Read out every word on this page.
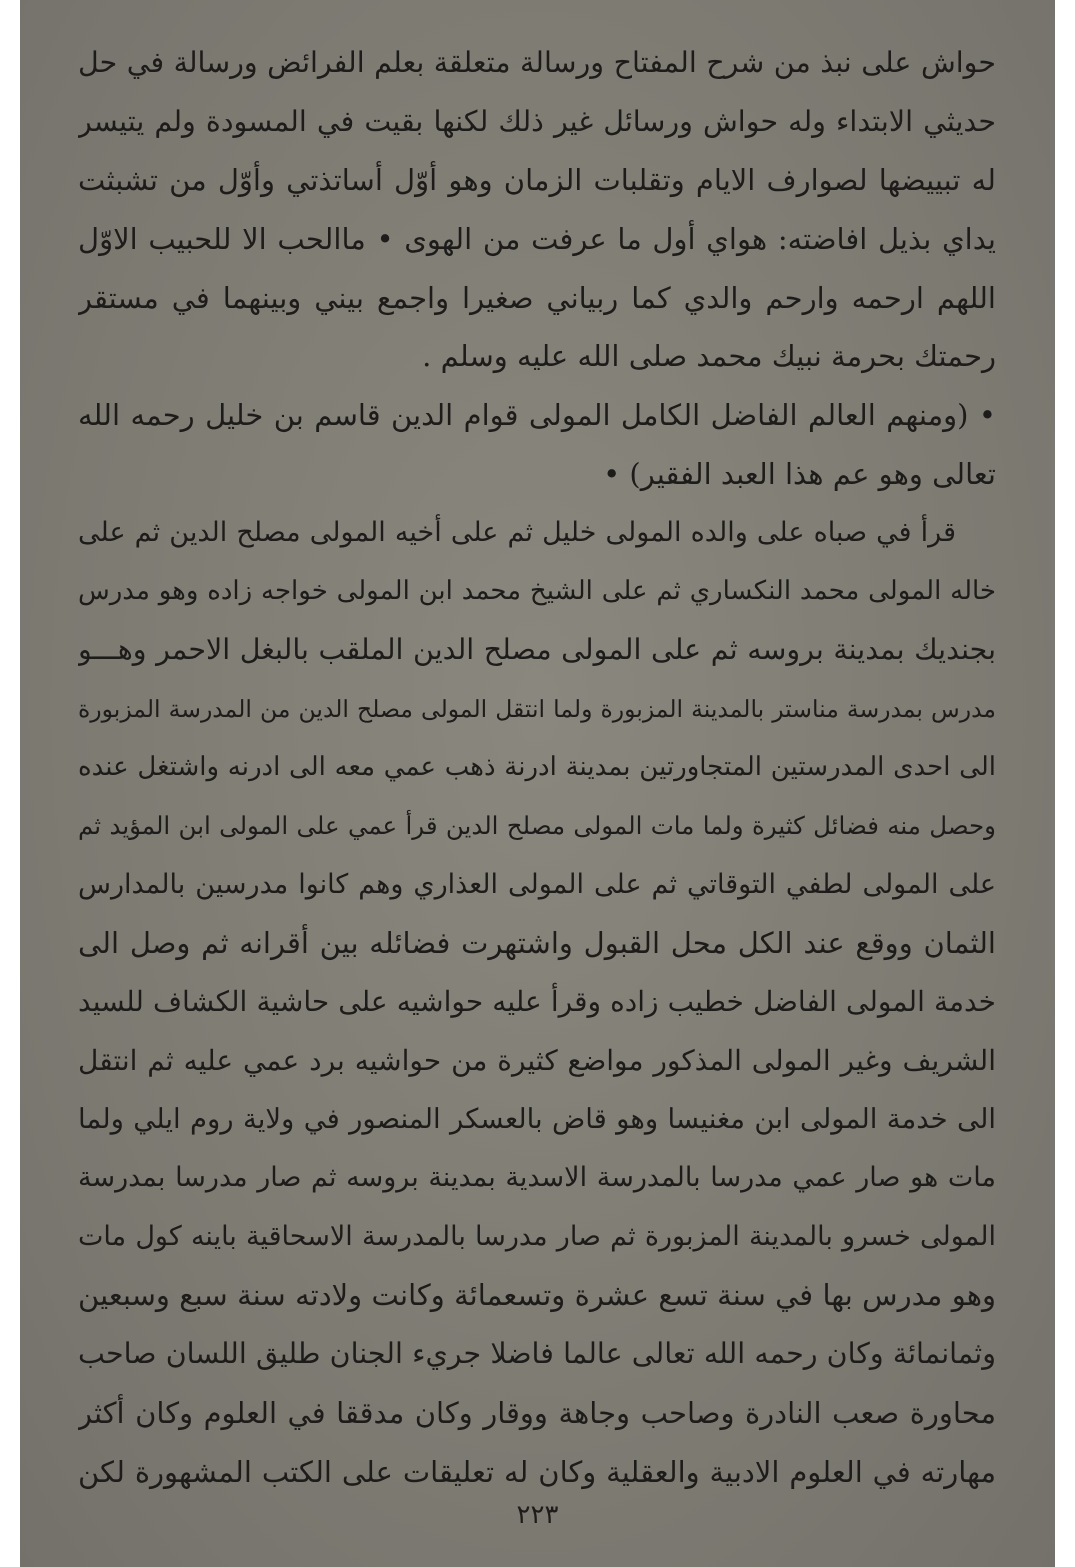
حواش على نبذ من شرح المفتاح ورسالة متعلقة بعلم الفرائض ورسالة في حل
حديثي الابتداء وله حواش ورسائل غير ذلك لكنها بقيت في المسودة ولم يتيسر
له تبييضها لصوارف الايام وتقلبات الزمان وهو أوّل أساتذتي وأوّل من تشبثت
يداي بذيل افاضته: هواي أول ما عرفت من الهوى • ماالحب الا للحبيب الاوّل
اللهم ارحمه وارحم والدي كما ربياني صغيرا واجمع بيني وبينهما في مستقر
رحمتك بحرمة نبيك محمد صلى الله عليه وسلم .
• (ومنهم العالم الفاضل الكامل المولى قوام الدين قاسم بن خليل رحمه الله
تعالى وهو عم هذا العبد الفقير) •
قرأ في صباه على والده المولى خليل ثم على أخيه المولى مصلح الدين ثم على
خاله المولى محمد النكساري ثم على الشيخ محمد ابن المولى خواجه زاده وهو مدرس
بجنديك بمدينة بروسه ثم على المولى مصلح الدين الملقب بالبغل الاحمر وهـــو
مدرس بمدرسة مناستر بالمدينة المزبورة ولما انتقل المولى مصلح الدين من المدرسة المزبورة
الى احدى المدرستين المتجاورتين بمدينة ادرنة ذهب عمي معه الى ادرنه واشتغل عنده
وحصل منه فضائل كثيرة ولما مات المولى مصلح الدين قرأ عمي على المولى ابن المؤيد ثم
على المولى لطفي التوقاتي ثم على المولى العذاري وهم كانوا مدرسين بالمدارس
الثمان ووقع عند الكل محل القبول واشتهرت فضائله بين أقرانه ثم وصل الى
خدمة المولى الفاضل خطيب زاده وقرأ عليه حواشيه على حاشية الكشاف للسيد
الشريف وغير المولى المذكور مواضع كثيرة من حواشيه برد عمي عليه ثم انتقل
الى خدمة المولى ابن مغنيسا وهو قاض بالعسكر المنصور في ولاية روم ايلي ولما
مات هو صار عمي مدرسا بالمدرسة الاسدية بمدينة بروسه ثم صار مدرسا بمدرسة
المولى خسرو بالمدينة المزبورة ثم صار مدرسا بالمدرسة الاسحاقية باينه كول مات
وهو مدرس بها في سنة تسع عشرة وتسعمائة وكانت ولادته سنة سبع وسبعين
وثمانمائة وكان رحمه الله تعالى عالما فاضلا جريء الجنان طليق اللسان صاحب
محاورة صعب النادرة وصاحب وجاهة ووقار وكان مدققا في العلوم وكان أكثر
مهارته في العلوم الادبية والعقلية وكان له تعليقات على الكتب المشهورة لكن
٢٢٣
